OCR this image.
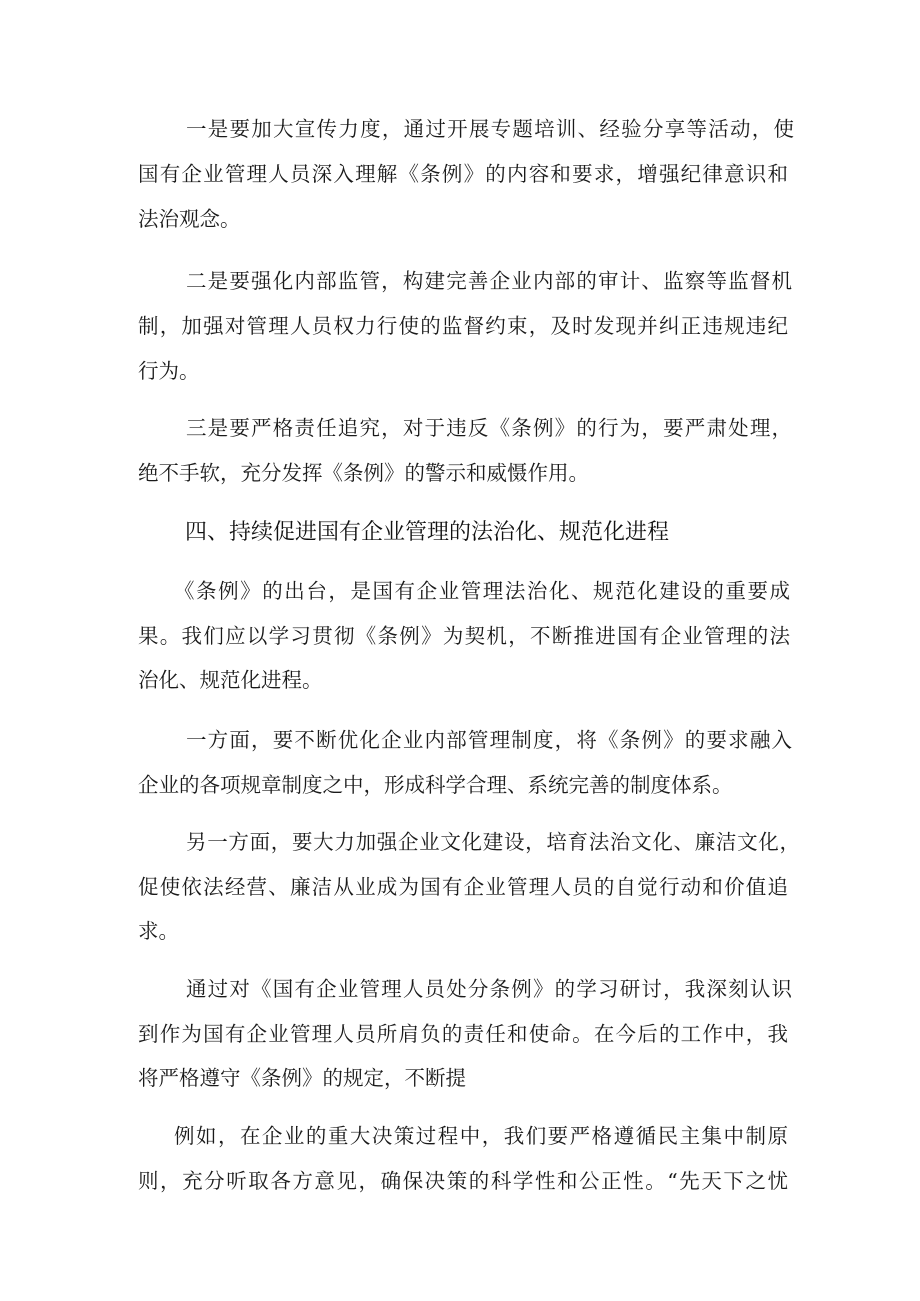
一是要加大宣传力度，通过开展专题培训、经验分享等活动，使
国有企业管理人员深入理解《条例》的内容和要求，增强纪律意识和
法治观念。
二是要强化内部监管，构建完善企业内部的审计、监察等监督机
制，加强对管理人员权力行使的监督约束，及时发现并纠正违规违纪
行为。
三是要严格责任追究，对于违反《条例》的行为，要严肃处理，
绝不手软，充分发挥《条例》的警示和威慑作用。
四、持续促进国有企业管理的法治化、规范化进程
《条例》的出台，是国有企业管理法治化、规范化建设的重要成
果。我们应以学习贯彻《条例》为契机，不断推进国有企业管理的法
治化、规范化进程。
一方面，要不断优化企业内部管理制度，将《条例》的要求融入
企业的各项规章制度之中，形成科学合理、系统完善的制度体系。
另一方面，要大力加强企业文化建设，培育法治文化、廉洁文化，
促使依法经营、廉洁从业成为国有企业管理人员的自觉行动和价值追
求。
通过对《国有企业管理人员处分条例》的学习研讨，我深刻认识
到作为国有企业管理人员所肩负的责任和使命。在今后的工作中，我
将严格遵守《条例》的规定，不断提
例如，在企业的重大决策过程中，我们要严格遵循民主集中制原
则，充分听取各方意见，确保决策的科学性和公正性。“先天下之忧
